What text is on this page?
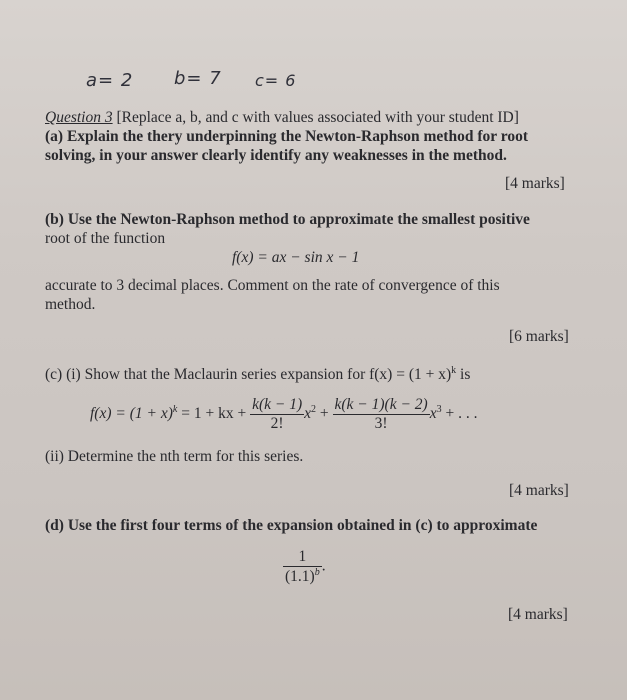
a= 2 b= 7 c= 6
Question 3 [Replace a, b, and c with values associated with your student ID]
(a) Explain the thery underpinning the Newton-Raphson method for root
solving, in your answer clearly identify any weaknesses in the method.
[4 marks]
(b) Use the Newton-Raphson method to approximate the smallest positive
root of the function
f(x) = ax − sin x − 1
accurate to 3 decimal places. Comment on the rate of convergence of this
method.
[6 marks]
(c) (i) Show that the Maclaurin series expansion for $f(x) = (1 + x)^k$ is
$f(x) = (1 + x)^k = 1$ + kx + $\frac{k(k - 1)}{2!} x^2 + \frac{k(k - 1)(k - 2)}{3!} x^3$ + . . .
(ii) Determine the nth term for this series.
[4 marks]
(d) Use the first four terms of the expansion obtained in (c) to approximate
$\frac{1}{(1.1)^b}$ .
[4 marks]
